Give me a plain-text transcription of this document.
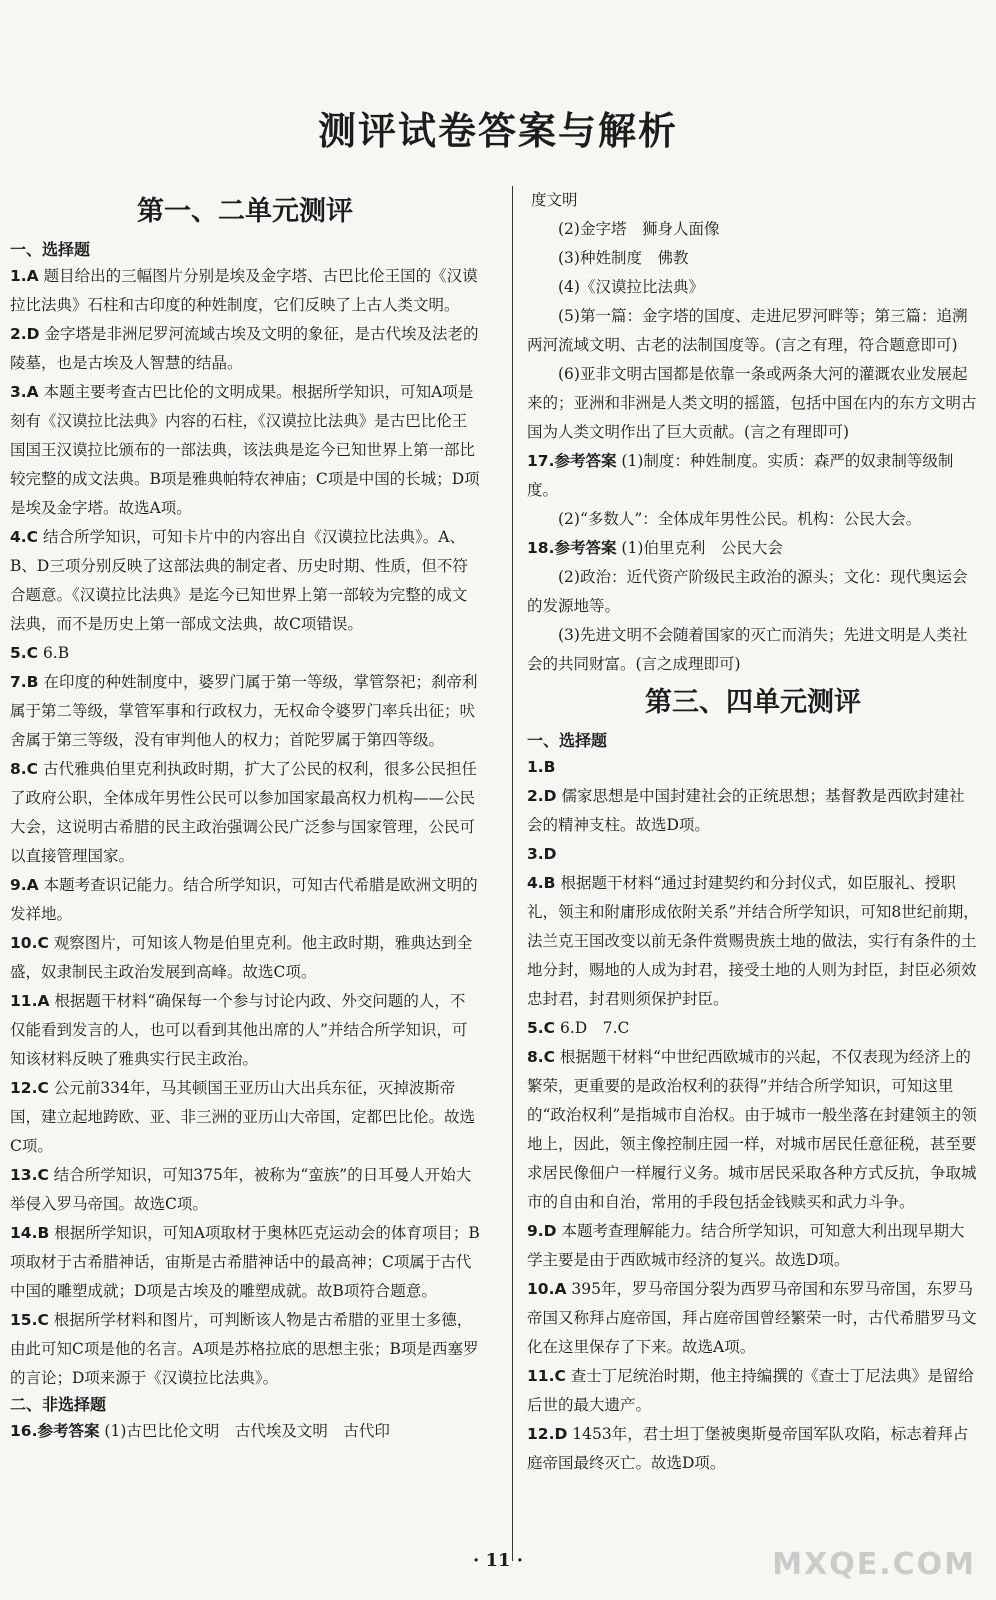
测评试卷答案与解析
第一、二单元测评
一、选择题

1.A 题目给出的三幅图片分别是埃及金字塔、古巴比伦王国的《汉谟拉比法典》石柱和古印度的种姓制度，它们反映了上古人类文明。

2.D 金字塔是非洲尼罗河流域古埃及文明的象征，是古代埃及法老的陵墓，也是古埃及人智慧的结晶。

3.A 本题主要考查古巴比伦的文明成果。根据所学知识，可知A项是刻有《汉谟拉比法典》内容的石柱，《汉谟拉比法典》是古巴比伦王国国王汉谟拉比颁布的一部法典，该法典是迄今已知世界上第一部比较完整的成文法典。B项是雅典帕特农神庙；C项是中国的长城；D项是埃及金字塔。故选A项。

4.C 结合所学知识，可知卡片中的内容出自《汉谟拉比法典》。A、B、D三项分别反映了这部法典的制定者、历史时期、性质，但不符合题意。《汉谟拉比法典》是迄今已知世界上第一部较为完整的成文法典，而不是历史上第一部成文法典，故C项错误。

5.C 6.B

7.B 在印度的种姓制度中，婆罗门属于第一等级，掌管祭祀；刹帝利属于第二等级，掌管军事和行政权力，无权命令婆罗门率兵出征；吠舍属于第三等级，没有审判他人的权力；首陀罗属于第四等级。

8.C 古代雅典伯里克利执政时期，扩大了公民的权利，很多公民担任了政府公职，全体成年男性公民可以参加国家最高权力机构——公民大会，这说明古希腊的民主政治强调公民广泛参与国家管理，公民可以直接管理国家。

9.A 本题考查识记能力。结合所学知识，可知古代希腊是欧洲文明的发祥地。

10.C 观察图片，可知该人物是伯里克利。他主政时期，雅典达到全盛，奴隶制民主政治发展到高峰。故选C项。

11.A 根据题干材料“确保每一个参与讨论内政、外交问题的人，不仅能看到发言的人，也可以看到其他出席的人”并结合所学知识，可知该材料反映了雅典实行民主政治。

12.C 公元前334年，马其顿国王亚历山大出兵东征，灭掉波斯帝国，建立起地跨欧、亚、非三洲的亚历山大帝国，定都巴比伦。故选C项。

13.C 结合所学知识，可知375年，被称为“蛮族”的日耳曼人开始大举侵入罗马帝国。故选C项。

14.B 根据所学知识，可知A项取材于奥林匹克运动会的体育项目；B项取材于古希腊神话，宙斯是古希腊神话中的最高神；C项属于古代中国的雕塑成就；D项是古埃及的雕塑成就。故B项符合题意。

15.C 根据所学材料和图片，可判断该人物是古希腊的亚里士多德，由此可知C项是他的名言。A项是苏格拉底的思想主张；B项是西塞罗的言论；D项来源于《汉谟拉比法典》。

二、非选择题

16.参考答案 (1)古巴比伦文明　古代埃及文明　古代印

度文明

(2)金字塔　狮身人面像

(3)种姓制度　佛教

(4)《汉谟拉比法典》

(5)第一篇：金字塔的国度、走进尼罗河畔等；第三篇：追溯两河流域文明、古老的法制国度等。(言之有理，符合题意即可)

(6)亚非文明古国都是依靠一条或两条大河的灌溉农业发展起来的；亚洲和非洲是人类文明的摇篮，包括中国在内的东方文明古国为人类文明作出了巨大贡献。(言之有理即可)

17.参考答案 (1)制度：种姓制度。实质：森严的奴隶制等级制度。

(2)“多数人”：全体成年男性公民。机构：公民大会。

18.参考答案 (1)伯里克利　公民大会

(2)政治：近代资产阶级民主政治的源头；文化：现代奥运会的发源地等。

(3)先进文明不会随着国家的灭亡而消失；先进文明是人类社会的共同财富。(言之成理即可)

第三、四单元测评
一、选择题

1.B

2.D 儒家思想是中国封建社会的正统思想；基督教是西欧封建社会的精神支柱。故选D项。

3.D

4.B 根据题干材料“通过封建契约和分封仪式，如臣服礼、授职礼，领主和附庸形成依附关系”并结合所学知识，可知8世纪前期，法兰克王国改变以前无条件赏赐贵族土地的做法，实行有条件的土地分封，赐地的人成为封君，接受土地的人则为封臣，封臣必须效忠封君，封君则须保护封臣。

5.C 6.D　7.C

8.C 根据题干材料“中世纪西欧城市的兴起，不仅表现为经济上的繁荣，更重要的是政治权利的获得”并结合所学知识，可知这里的“政治权利”是指城市自治权。由于城市一般坐落在封建领主的领地上，因此，领主像控制庄园一样，对城市居民任意征税，甚至要求居民像佃户一样履行义务。城市居民采取各种方式反抗，争取城市的自由和自治，常用的手段包括金钱赎买和武力斗争。

9.D 本题考查理解能力。结合所学知识，可知意大利出现早期大学主要是由于西欧城市经济的复兴。故选D项。

10.A 395年，罗马帝国分裂为西罗马帝国和东罗马帝国，东罗马帝国又称拜占庭帝国，拜占庭帝国曾经繁荣一时，古代希腊罗马文化在这里保存了下来。故选A项。

11.C 查士丁尼统治时期，他主持编撰的《查士丁尼法典》是留给后世的最大遗产。

12.D 1453年，君士坦丁堡被奥斯曼帝国军队攻陷，标志着拜占庭帝国最终灭亡。故选D项。

· 11 ·	MXQE.COM
